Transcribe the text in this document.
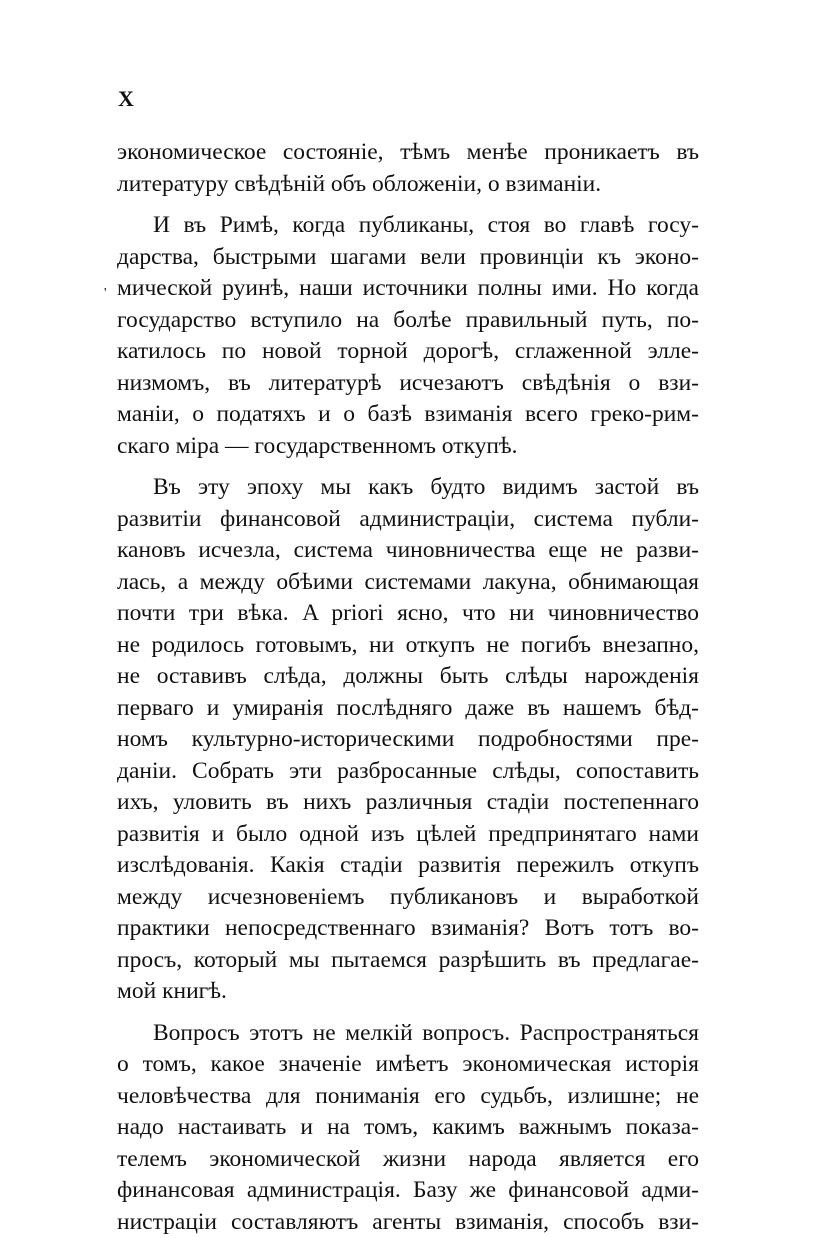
X
'
экономическое состоянiе, тѣмъ менѣе проникаетъ въ
литературу свѣдѣнiй объ обложенiи, о взиманiи.
И въ Римѣ, когда публиканы, стоя во главѣ госу-
дарства, быстрыми шагами вели провинцiи къ эконо-
мической руинѣ, наши источники полны ими. Но когда
государство вступило на болѣе правильный путь, по-
катилось по новой торной дорогѣ, сглаженной элле-
низмомъ, въ литературѣ исчезаютъ свѣдѣнiя о взи-
манiи, о податяхъ и о базѣ взиманiя всего греко-рим-
скаго мiра — государственномъ откупѣ.
Въ эту эпоху мы какъ будто видимъ застой въ
развитiи финансовой администрацiи, система публи-
кановъ исчезла, система чиновничества еще не разви-
лась, а между обѣими системами лакуна, обнимающая
почти три вѣка. A priori ясно, что ни чиновничество
не родилось готовымъ, ни откупъ не погибъ внезапно,
не оставивъ слѣда, должны быть слѣды нарожденiя
перваго и умиранiя послѣдняго даже въ нашемъ бѣд-
номъ культурно-историческими подробностями пре-
данiи. Собрать эти разбросанные слѣды, сопоставить
ихъ, уловить въ нихъ различныя стадiи постепеннаго
развитiя и было одной изъ цѣлей предпринятаго нами
изслѣдованiя. Какiя стадiи развитiя пережилъ откупъ
между исчезновенiемъ публикановъ и выработкой
практики непосредственнаго взиманiя? Вотъ тотъ во-
просъ, который мы пытаемся разрѣшить въ предлагае-
мой книгѣ.
Вопросъ этотъ не мелкiй вопросъ. Распространяться
о томъ, какое значенiе имѣетъ экономическая исторiя
человѣчества для пониманiя его судьбъ, излишне; не
надо настаивать и на томъ, какимъ важнымъ показа-
телемъ экономической жизни народа является его
финансовая администрацiя. Базу же финансовой адми-
нистрацiи составляютъ агенты взиманiя, способъ взи-
